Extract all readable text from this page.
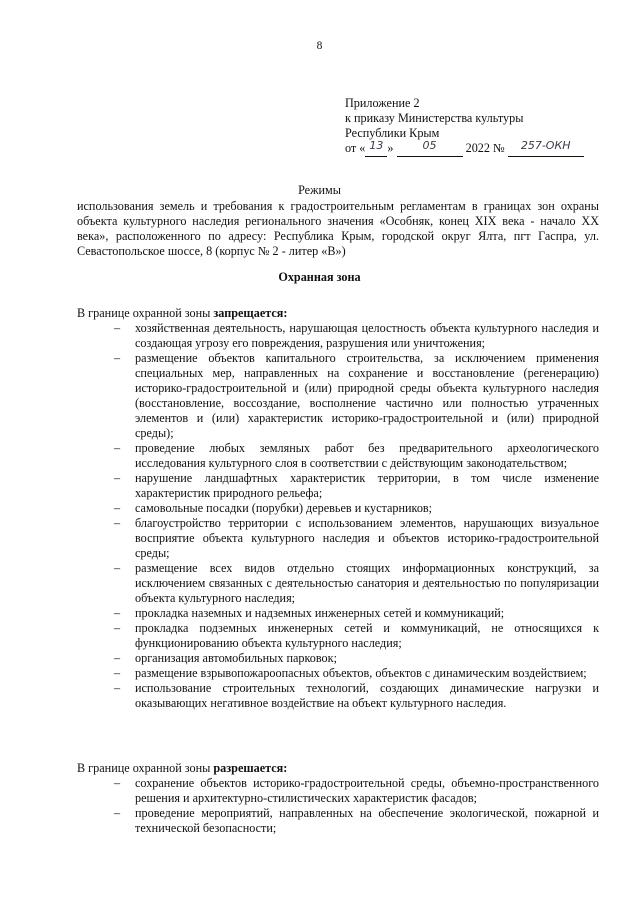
8
Приложение 2
к приказу Министерства культуры
Республики Крым
от « 13 »	05 2022 № 257-ОКН
Режимы

использования земель и требования к градостроительным регламентам в границах зон охраны объекта культурного наследия регионального значения «Особняк, конец XIX века - начало XX века», расположенного по адресу: Республика Крым, городской округ Ялта, пгт Гаспра, ул. Севастопольское шоссе, 8 (корпус № 2 - литер «В»)

Охранная зона

В границе охранной зоны запрещается:

– хозяйственная деятельность, нарушающая целостность объекта культурного наследия и создающая угрозу его повреждения, разрушения или уничтожения;
– размещение объектов капитального строительства, за исключением применения специальных мер, направленных на сохранение и восстановление (регенерацию) историко-градостроительной и (или) природной среды объекта культурного наследия (восстановление, воссоздание, восполнение частично или полностью утраченных элементов и (или) характеристик историко-градостроительной и (или) природной среды);
– проведение любых земляных работ без предварительного археологического исследования культурного слоя в соответствии с действующим законодательством;
– нарушение ландшафтных характеристик территории, в том числе изменение характеристик природного рельефа;
– самовольные посадки (порубки) деревьев и кустарников;
– благоустройство территории с использованием элементов, нарушающих визуальное восприятие объекта культурного наследия и объектов историко-градостроительной среды;
– размещение всех видов отдельно стоящих информационных конструкций, за исключением связанных с деятельностью санатория и деятельностью по популяризации объекта культурного наследия;
– прокладка наземных и надземных инженерных сетей и коммуникаций;
– прокладка подземных инженерных сетей и коммуникаций, не относящихся к функционированию объекта культурного наследия;
– организация автомобильных парковок;
– размещение взрывопожароопасных объектов, объектов с динамическим воздействием;
– использование строительных технологий, создающих динамические нагрузки и оказывающих негативное воздействие на объект культурного наследия.

В границе охранной зоны разрешается:

– сохранение объектов историко-градостроительной среды, объемно-пространственного решения и архитектурно-стилистических характеристик фасадов;
– проведение мероприятий, направленных на обеспечение экологической, пожарной и технической безопасности;
